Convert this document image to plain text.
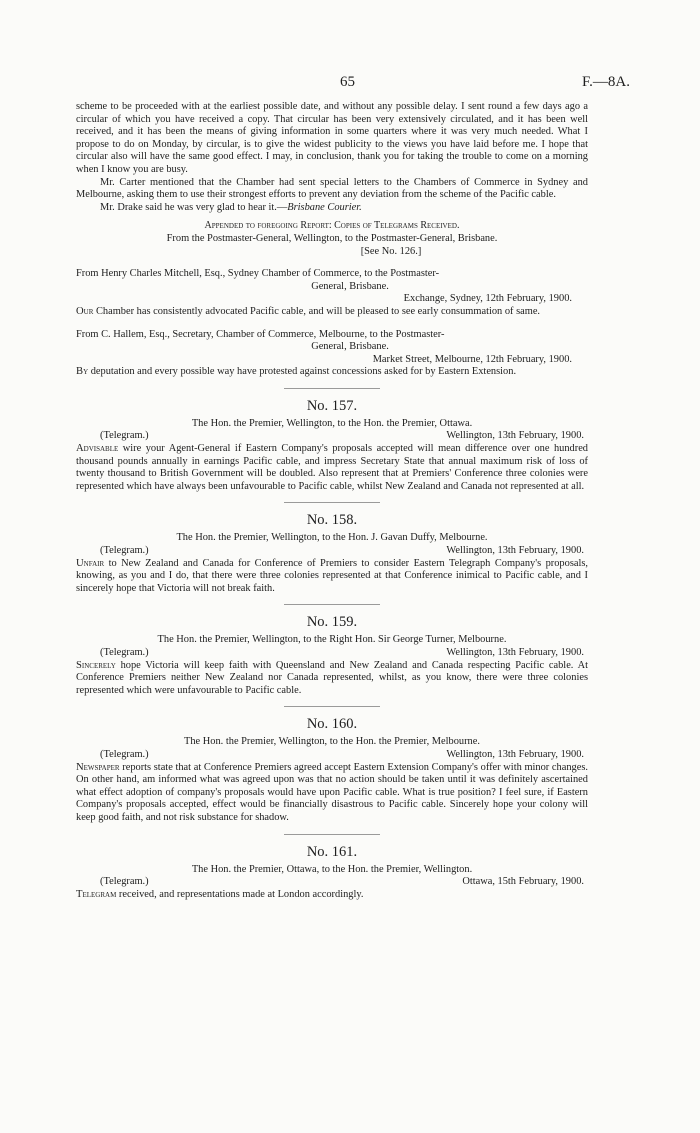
65	F.—8A.

scheme to be proceeded with at the earliest possible date, and without any possible delay. I sent round a few days ago a circular of which you have received a copy. That circular has been very extensively circulated, and it has been well received, and it has been the means of giving information in some quarters where it was very much needed. What I propose to do on Monday, by circular, is to give the widest publicity to the views you have laid before me. I hope that circular also will have the same good effect. I may, in conclusion, thank you for taking the trouble to come on a morning when I know you are busy.

Mr. Carter mentioned that the Chamber had sent special letters to the Chambers of Commerce in Sydney and Melbourne, asking them to use their strongest efforts to prevent any deviation from the scheme of the Pacific cable.

Mr. Drake said he was very glad to hear it.—Brisbane Courier.

Appended to foregoing Report: Copies of Telegrams Received.

From the Postmaster-General, Wellington, to the Postmaster-General, Brisbane.

[See No. 126.]

From Henry Charles Mitchell, Esq., Sydney Chamber of Commerce, to the Postmaster-

General, Brisbane.

Exchange, Sydney, 12th February, 1900.

Our Chamber has consistently advocated Pacific cable, and will be pleased to see early consummation of same.

From C. Hallem, Esq., Secretary, Chamber of Commerce, Melbourne, to the Postmaster-

General, Brisbane.

Market Street, Melbourne, 12th February, 1900.

By deputation and every possible way have protested against concessions asked for by Eastern Extension.

No. 157.

The Hon. the Premier, Wellington, to the Hon. the Premier, Ottawa.

(Telegram.)	Wellington, 13th February, 1900.

Advisable wire your Agent-General if Eastern Company's proposals accepted will mean difference over one hundred thousand pounds annually in earnings Pacific cable, and impress Secretary State that annual maximum risk of loss of twenty thousand to British Government will be doubled. Also represent that at Premiers' Conference three colonies were represented which have always been unfavourable to Pacific cable, whilst New Zealand and Canada not represented at all.

No. 158.

The Hon. the Premier, Wellington, to the Hon. J. Gavan Duffy, Melbourne.

(Telegram.)	Wellington, 13th February, 1900.

Unfair to New Zealand and Canada for Conference of Premiers to consider Eastern Telegraph Company's proposals, knowing, as you and I do, that there were three colonies represented at that Conference inimical to Pacific cable, and I sincerely hope that Victoria will not break faith.

No. 159.

The Hon. the Premier, Wellington, to the Right Hon. Sir George Turner, Melbourne.

(Telegram.)	Wellington, 13th February, 1900.

Sincerely hope Victoria will keep faith with Queensland and New Zealand and Canada respecting Pacific cable. At Conference Premiers neither New Zealand nor Canada represented, whilst, as you know, there were three colonies represented which were unfavourable to Pacific cable.

No. 160.

The Hon. the Premier, Wellington, to the Hon. the Premier, Melbourne.

(Telegram.)	Wellington, 13th February, 1900.

Newspaper reports state that at Conference Premiers agreed accept Eastern Extension Company's offer with minor changes. On other hand, am informed what was agreed upon was that no action should be taken until it was definitely ascertained what effect adoption of company's proposals would have upon Pacific cable. What is true position? I feel sure, if Eastern Company's proposals accepted, effect would be financially disastrous to Pacific cable. Sincerely hope your colony will keep good faith, and not risk substance for shadow.

No. 161.

The Hon. the Premier, Ottawa, to the Hon. the Premier, Wellington.

(Telegram.)	Ottawa, 15th February, 1900.

Telegram received, and representations made at London accordingly.
